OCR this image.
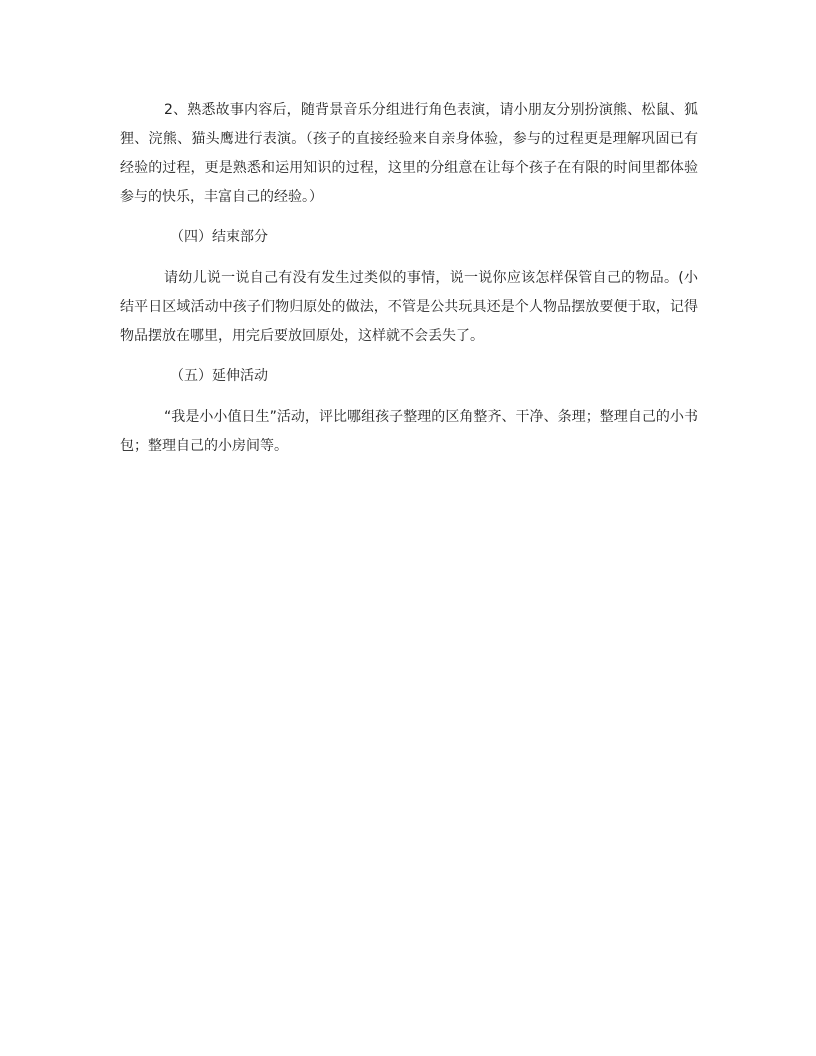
2、熟悉故事内容后，随背景音乐分组进行角色表演，请小朋友分别扮演熊、松鼠、狐狸、浣熊、猫头鹰进行表演。（孩子的直接经验来自亲身体验，参与的过程更是理解巩固已有经验的过程，更是熟悉和运用知识的过程，这里的分组意在让每个孩子在有限的时间里都体验参与的快乐，丰富自己的经验。）

（四）结束部分

请幼儿说一说自己有没有发生过类似的事情，说一说你应该怎样保管自己的物品。(小结平日区域活动中孩子们物归原处的做法，不管是公共玩具还是个人物品摆放要便于取，记得物品摆放在哪里，用完后要放回原处，这样就不会丢失了。

（五）延伸活动

“我是小小值日生”活动，评比哪组孩子整理的区角整齐、干净、条理；整理自己的小书包；整理自己的小房间等。
